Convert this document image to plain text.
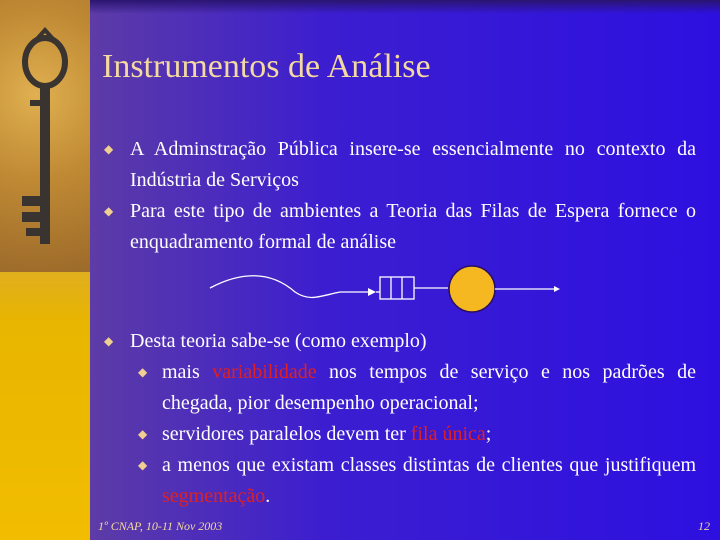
Instrumentos de Análise
◆ A Adminstração Pública insere-se essencialmente no contexto da Indústria de Serviços
◆ Para este tipo de ambientes a Teoria das Filas de Espera fornece o enquadramento formal de análise
◆ Desta teoria sabe-se (como exemplo)
◆ mais variabilidade nos tempos de serviço e nos padrões de chegada, pior desempenho operacional;
◆ servidores paralelos devem ter fila única;
◆ a menos que existam classes distintas de clientes que justifiquem segmentação.
1º CNAP, 10-11 Nov 2003	12
